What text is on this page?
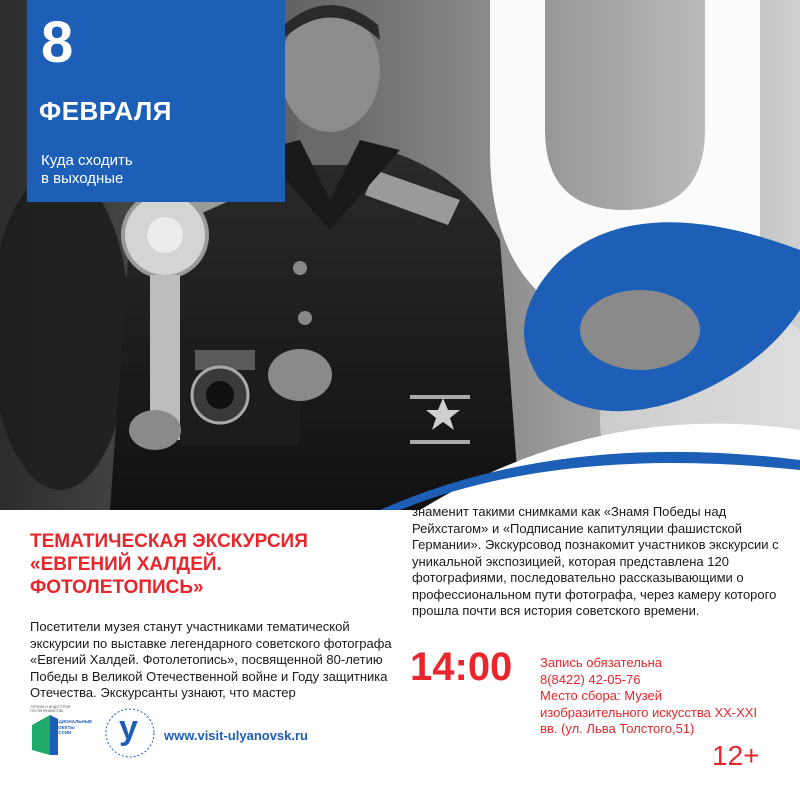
8
ФЕВРАЛЯ
Куда сходить
в выходные
ТЕМАТИЧЕСКАЯ ЭКСКУРСИЯ
«ЕВГЕНИЙ ХАЛДЕЙ.
ФОТОЛЕТОПИСЬ»
Посетители музея станут участниками тематической экскурсии по выставке легендарного советского фотографа «Евгений Халдей. Фотолетопись», посвященной 80-летию Победы в Великой Отечественной войне и Году защитника Отечества. Экскурсанты узнают, что мастер
знаменит такими снимками как «Знамя Победы над Рейхстагом» и «Подписание капитуляции фашистской Германии». Экскурсовод познакомит участников экскурсии с уникальной экспозицией, которая представлена 120 фотографиями, последовательно рассказывающими о профессиональном пути фотографа, через камеру которого прошла почти вся история советского времени.
14:00 Запись обязательна
8(8422) 42-05-76
Место сбора: Музей
изобразительного искусства XX-XXI
вв. (ул. Льва Толстого,51)
12+
ТУРИЗМ И ИНДУСТРИЯ ГОСТЕПРИИМСТВА
НАЦИОНАЛЬНЫЕ ПРОЕКТЫ РОССИИ	у www.visit-ulyanovsk.ru
